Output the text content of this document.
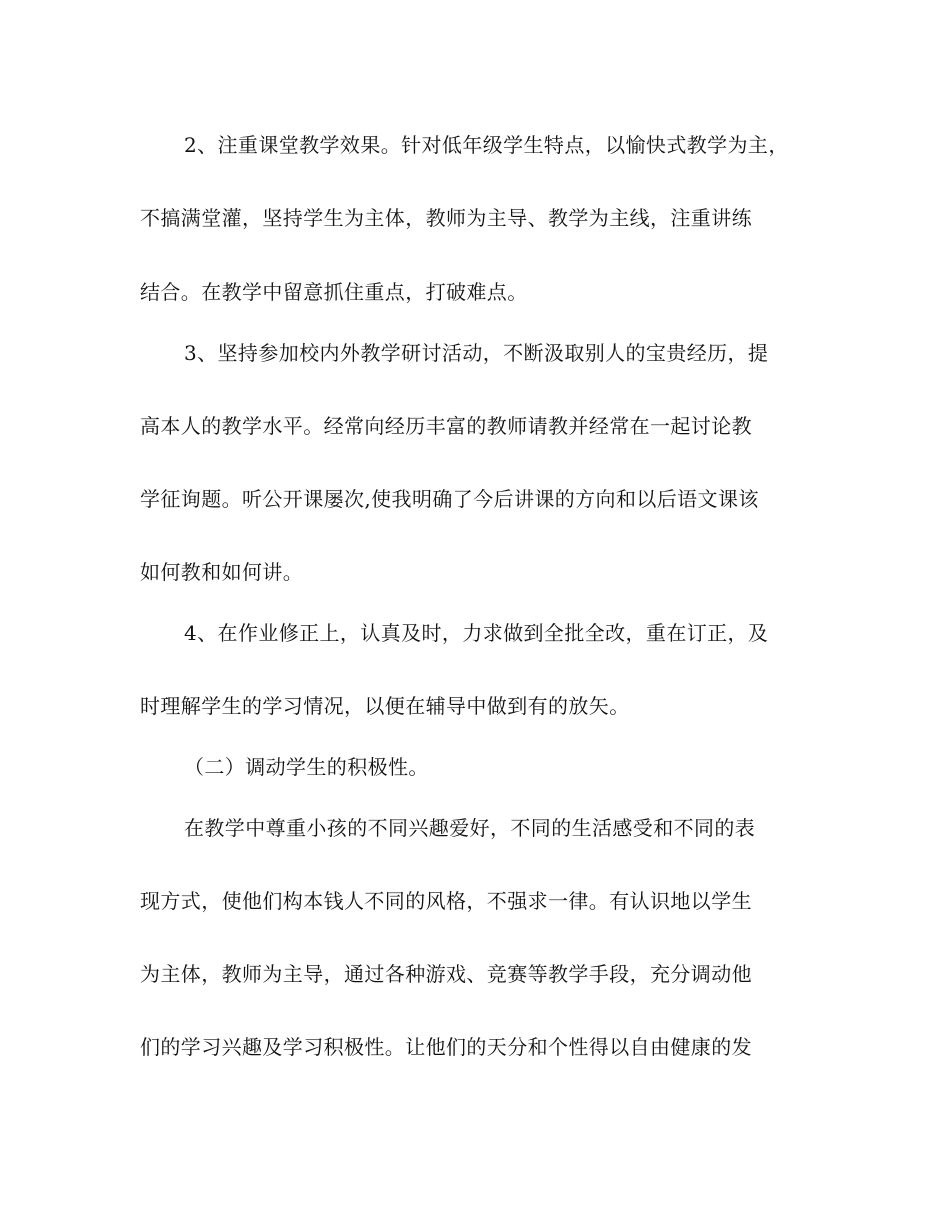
2、注重课堂教学效果。针对低年级学生特点，以愉快式教学为主，
不搞满堂灌，坚持学生为主体，教师为主导、教学为主线，注重讲练
结合。在教学中留意抓住重点，打破难点。
3、坚持参加校内外教学研讨活动，不断汲取别人的宝贵经历，提
高本人的教学水平。经常向经历丰富的教师请教并经常在一起讨论教
学征询题。听公开课屡次,使我明确了今后讲课的方向和以后语文课该
如何教和如何讲。
4、在作业修正上，认真及时，力求做到全批全改，重在订正，及
时理解学生的学习情况，以便在辅导中做到有的放矢。
（二）调动学生的积极性。
在教学中尊重小孩的不同兴趣爱好，不同的生活感受和不同的表
现方式，使他们构本钱人不同的风格，不强求一律。有认识地以学生
为主体，教师为主导，通过各种游戏、竞赛等教学手段，充分调动他
们的学习兴趣及学习积极性。让他们的天分和个性得以自由健康的发
